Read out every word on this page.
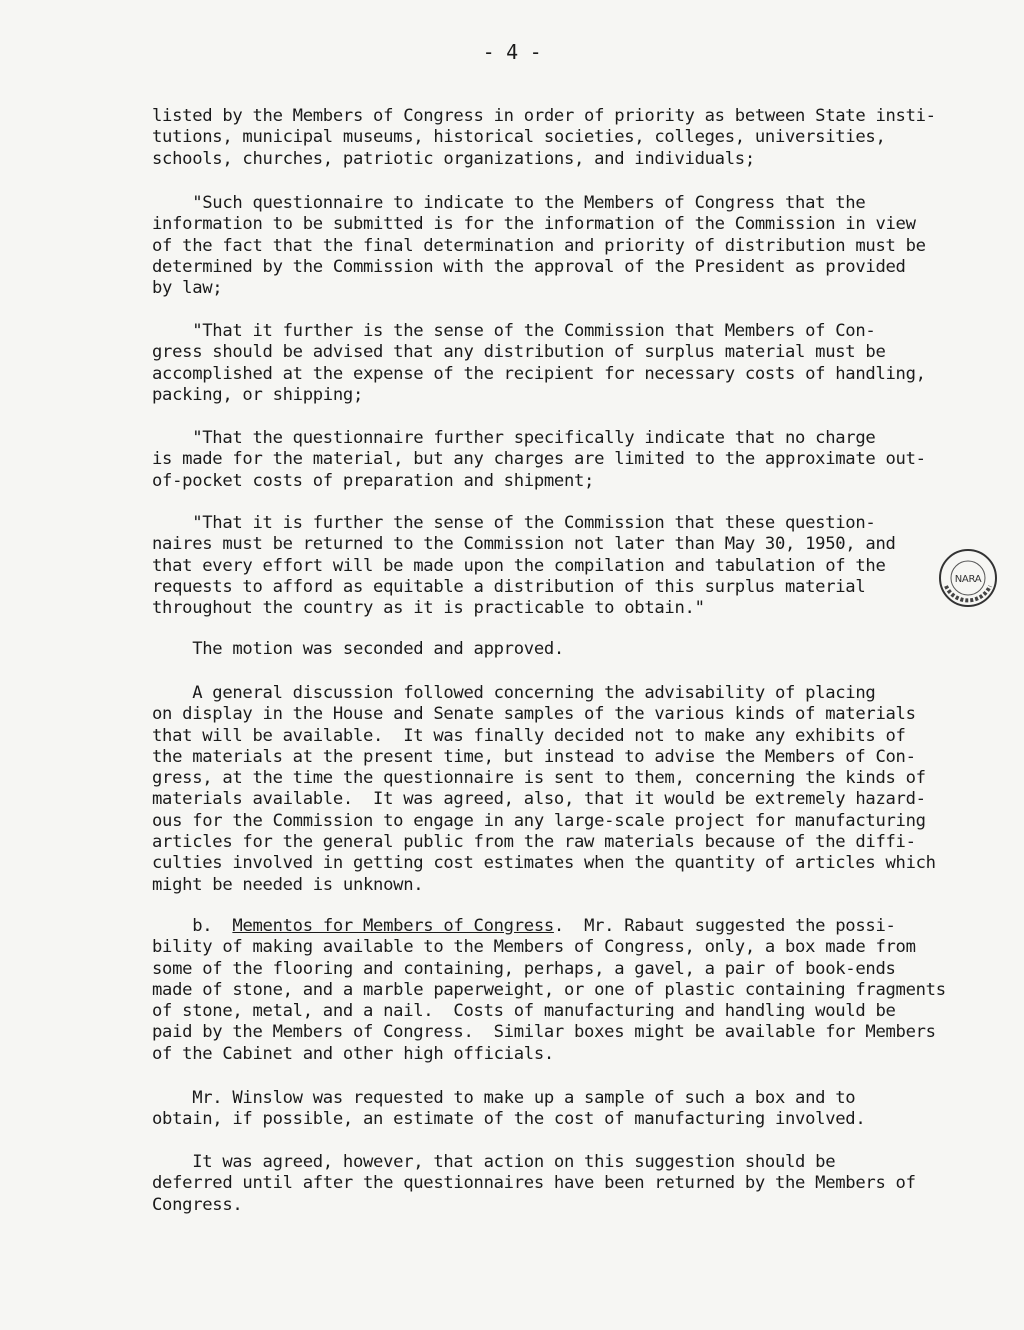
- 4 -
listed by the Members of Congress in order of priority as between State insti-
tutions, municipal museums, historical societies, colleges, universities,
schools, churches, patriotic organizations, and individuals;
"Such questionnaire to indicate to the Members of Congress that the
information to be submitted is for the information of the Commission in view
of the fact that the final determination and priority of distribution must be
determined by the Commission with the approval of the President as provided
by law;
"That it further is the sense of the Commission that Members of Con-
gress should be advised that any distribution of surplus material must be
accomplished at the expense of the recipient for necessary costs of handling,
packing, or shipping;
"That the questionnaire further specifically indicate that no charge
is made for the material, but any charges are limited to the approximate out-
of-pocket costs of preparation and shipment;
"That it is further the sense of the Commission that these question-
naires must be returned to the Commission not later than May 30, 1950, and
that every effort will be made upon the compilation and tabulation of the
requests to afford as equitable a distribution of this surplus material
throughout the country as it is practicable to obtain."
The motion was seconded and approved.
A general discussion followed concerning the advisability of placing
on display in the House and Senate samples of the various kinds of materials
that will be available.  It was finally decided not to make any exhibits of
the materials at the present time, but instead to advise the Members of Con-
gress, at the time the questionnaire is sent to them, concerning the kinds of
materials available.  It was agreed, also, that it would be extremely hazard-
ous for the Commission to engage in any large-scale project for manufacturing
articles for the general public from the raw materials because of the diffi-
culties involved in getting cost estimates when the quantity of articles which
might be needed is unknown.
b.  Mementos for Members of Congress.  Mr. Rabaut suggested the possi-
bility of making available to the Members of Congress, only, a box made from
some of the flooring and containing, perhaps, a gavel, a pair of book-ends
made of stone, and a marble paperweight, or one of plastic containing fragments
of stone, metal, and a nail.  Costs of manufacturing and handling would be
paid by the Members of Congress.  Similar boxes might be available for Members
of the Cabinet and other high officials.
Mr. Winslow was requested to make up a sample of such a box and to
obtain, if possible, an estimate of the cost of manufacturing involved.
It was agreed, however, that action on this suggestion should be
deferred until after the questionnaires have been returned by the Members of
Congress.
NARA
